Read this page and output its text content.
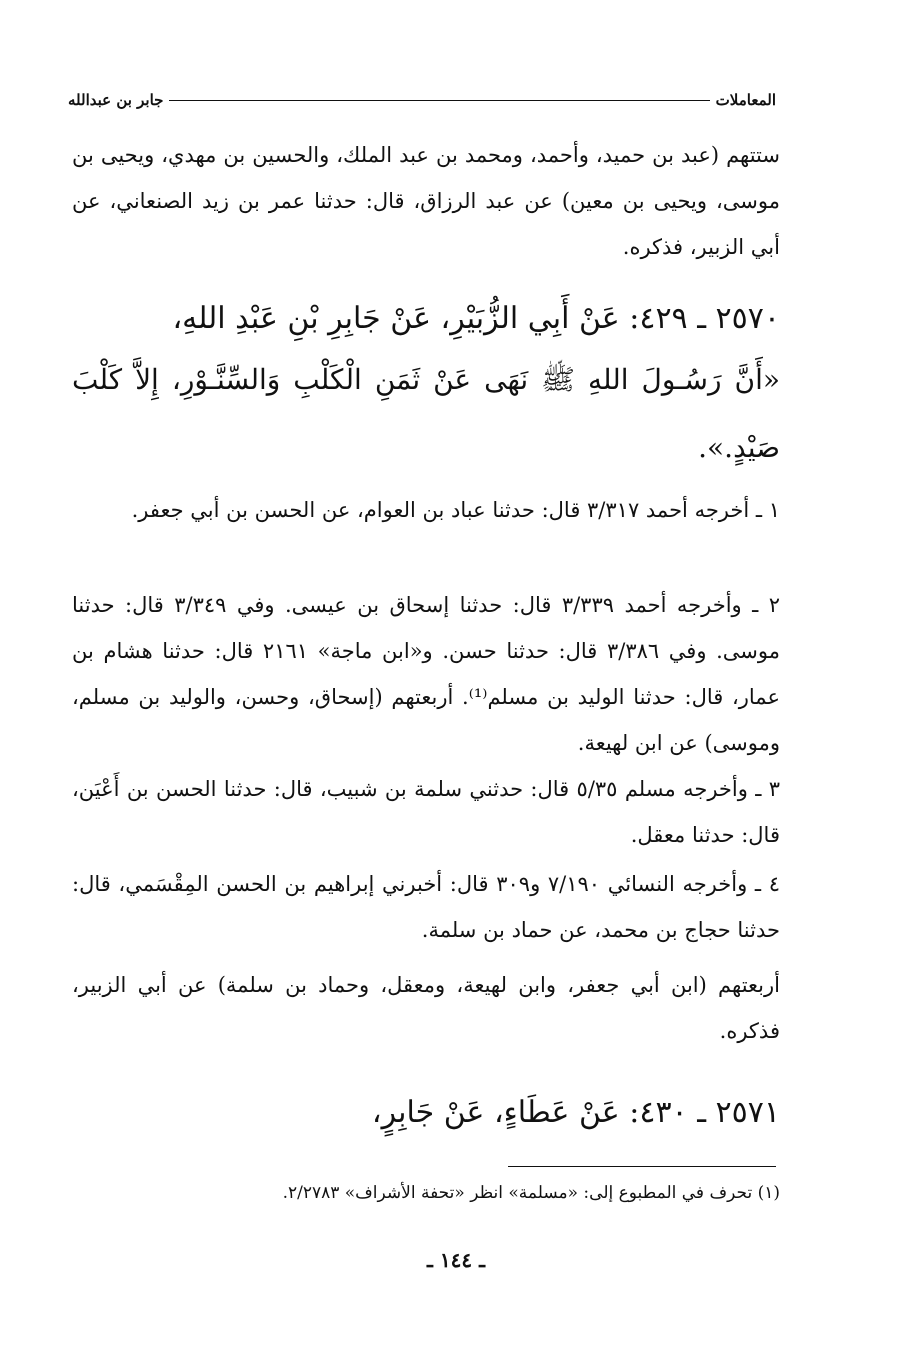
المعاملات
جابر بن عبدالله
ستتهم (عبد بن حميد، وأحمد، ومحمد بن عبد الملك، والحسين بن مهدي، ويحيى بن موسى، ويحيى بن معين) عن عبد الرزاق، قال: حدثنا عمر بن زيد الصنعاني، عن أبي الزبير، فذكره.
٢٥٧٠ ـ ٤٢٩: عَنْ أَبِي الزُّبَيْرِ، عَنْ جَابِرِ بْنِ عَبْدِ اللهِ،
«أَنَّ رَسُـولَ اللهِ ﷺ نَهَى عَنْ ثَمَنِ الْكَلْبِ وَالسِّنَّـوْرِ، إِلاَّ كَلْبَ صَيْدٍ.».
١ ـ أخرجه أحمد ٣/٣١٧ قال: حدثنا عباد بن العوام، عن الحسن بن أبي جعفر.
٢ ـ وأخرجه أحمد ٣/٣٣٩ قال: حدثنا إسحاق بن عيسى. وفي ٣/٣٤٩ قال: حدثنا موسى. وفي ٣/٣٨٦ قال: حدثنا حسن. و«ابن ماجة» ٢١٦١ قال: حدثنا هشام بن عمار، قال: حدثنا الوليد بن مسلم⁽¹⁾. أربعتهم (إسحاق، وحسن، والوليد بن مسلم، وموسى) عن ابن لهيعة.
٣ ـ وأخرجه مسلم ٥/٣٥ قال: حدثني سلمة بن شبيب، قال: حدثنا الحسن بن أَعْيَن، قال: حدثنا معقل.
٤ ـ وأخرجه النسائي ٧/١٩٠ و٣٠٩ قال: أخبرني إبراهيم بن الحسن المِقْسَمي، قال: حدثنا حجاج بن محمد، عن حماد بن سلمة.
أربعتهم (ابن أبي جعفر، وابن لهيعة، ومعقل، وحماد بن سلمة) عن أبي الزبير، فذكره.
٢٥٧١ ـ ٤٣٠: عَنْ عَطَاءٍ، عَنْ جَابِرٍ،
(١) تحرف في المطبوع إلى: «مسلمة» انظر «تحفة الأشراف» ٢/٢٧٨٣.
ـ ١٤٤ ـ
